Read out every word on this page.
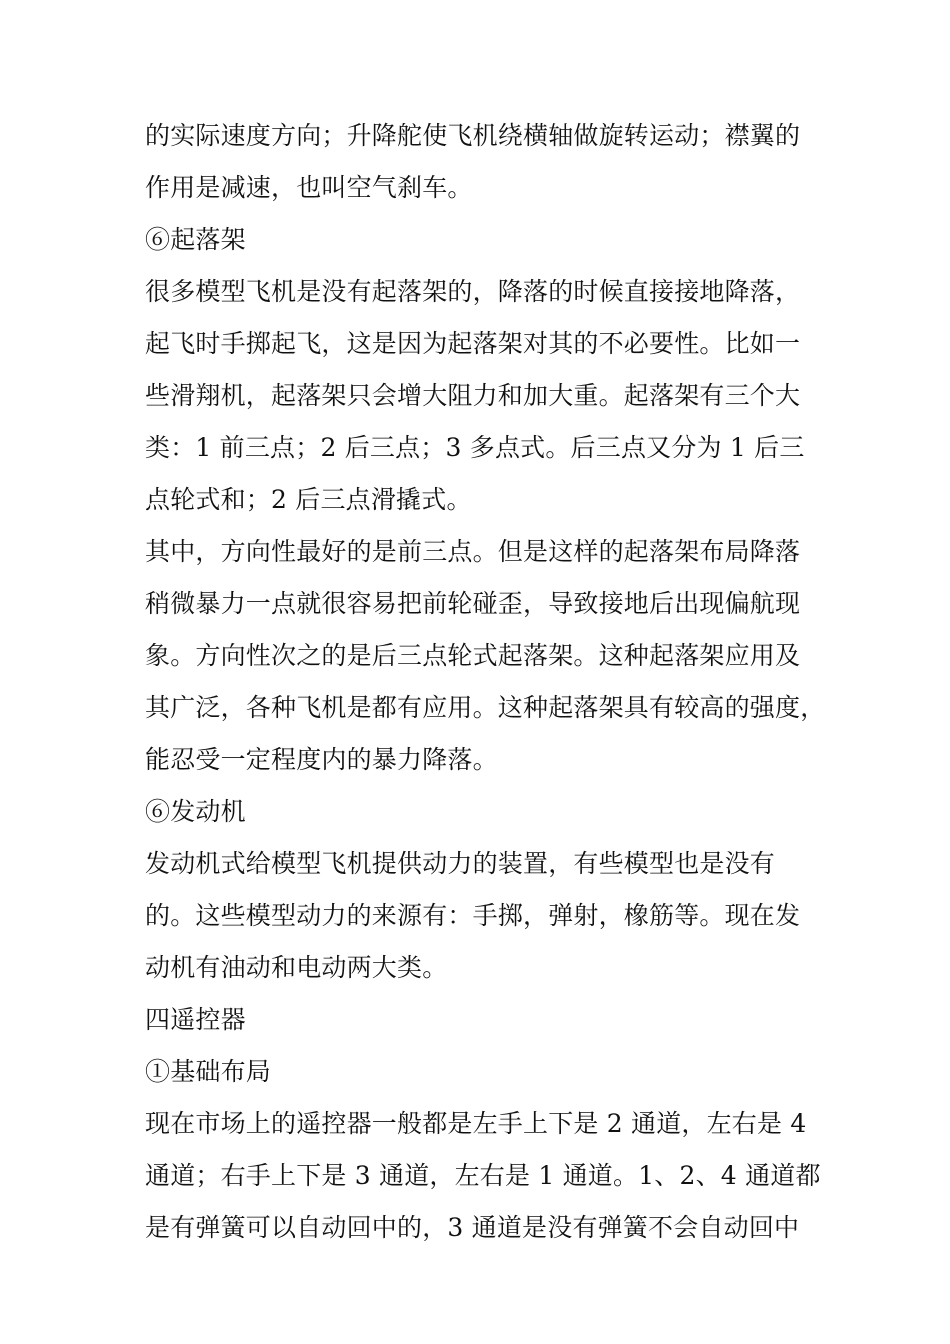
的实际速度方向；升降舵使飞机绕横轴做旋转运动；襟翼的
作用是减速，也叫空气刹车。
⑥起落架
很多模型飞机是没有起落架的，降落的时候直接接地降落，
起飞时手掷起飞，这是因为起落架对其的不必要性。比如一
些滑翔机，起落架只会增大阻力和加大重。起落架有三个大
类：1 前三点；2 后三点；3 多点式。后三点又分为 1 后三
点轮式和；2 后三点滑撬式。
其中，方向性最好的是前三点。但是这样的起落架布局降落
稍微暴力一点就很容易把前轮碰歪，导致接地后出现偏航现
象。方向性次之的是后三点轮式起落架。这种起落架应用及
其广泛，各种飞机是都有应用。这种起落架具有较高的强度，
能忍受一定程度内的暴力降落。
⑥发动机
发动机式给模型飞机提供动力的装置，有些模型也是没有
的。这些模型动力的来源有：手掷，弹射，橡筋等。现在发
动机有油动和电动两大类。
四遥控器
①基础布局
现在市场上的遥控器一般都是左手上下是 2 通道，左右是 4
通道；右手上下是 3 通道，左右是 1 通道。1、2、4 通道都
是有弹簧可以自动回中的，3 通道是没有弹簧不会自动回中
